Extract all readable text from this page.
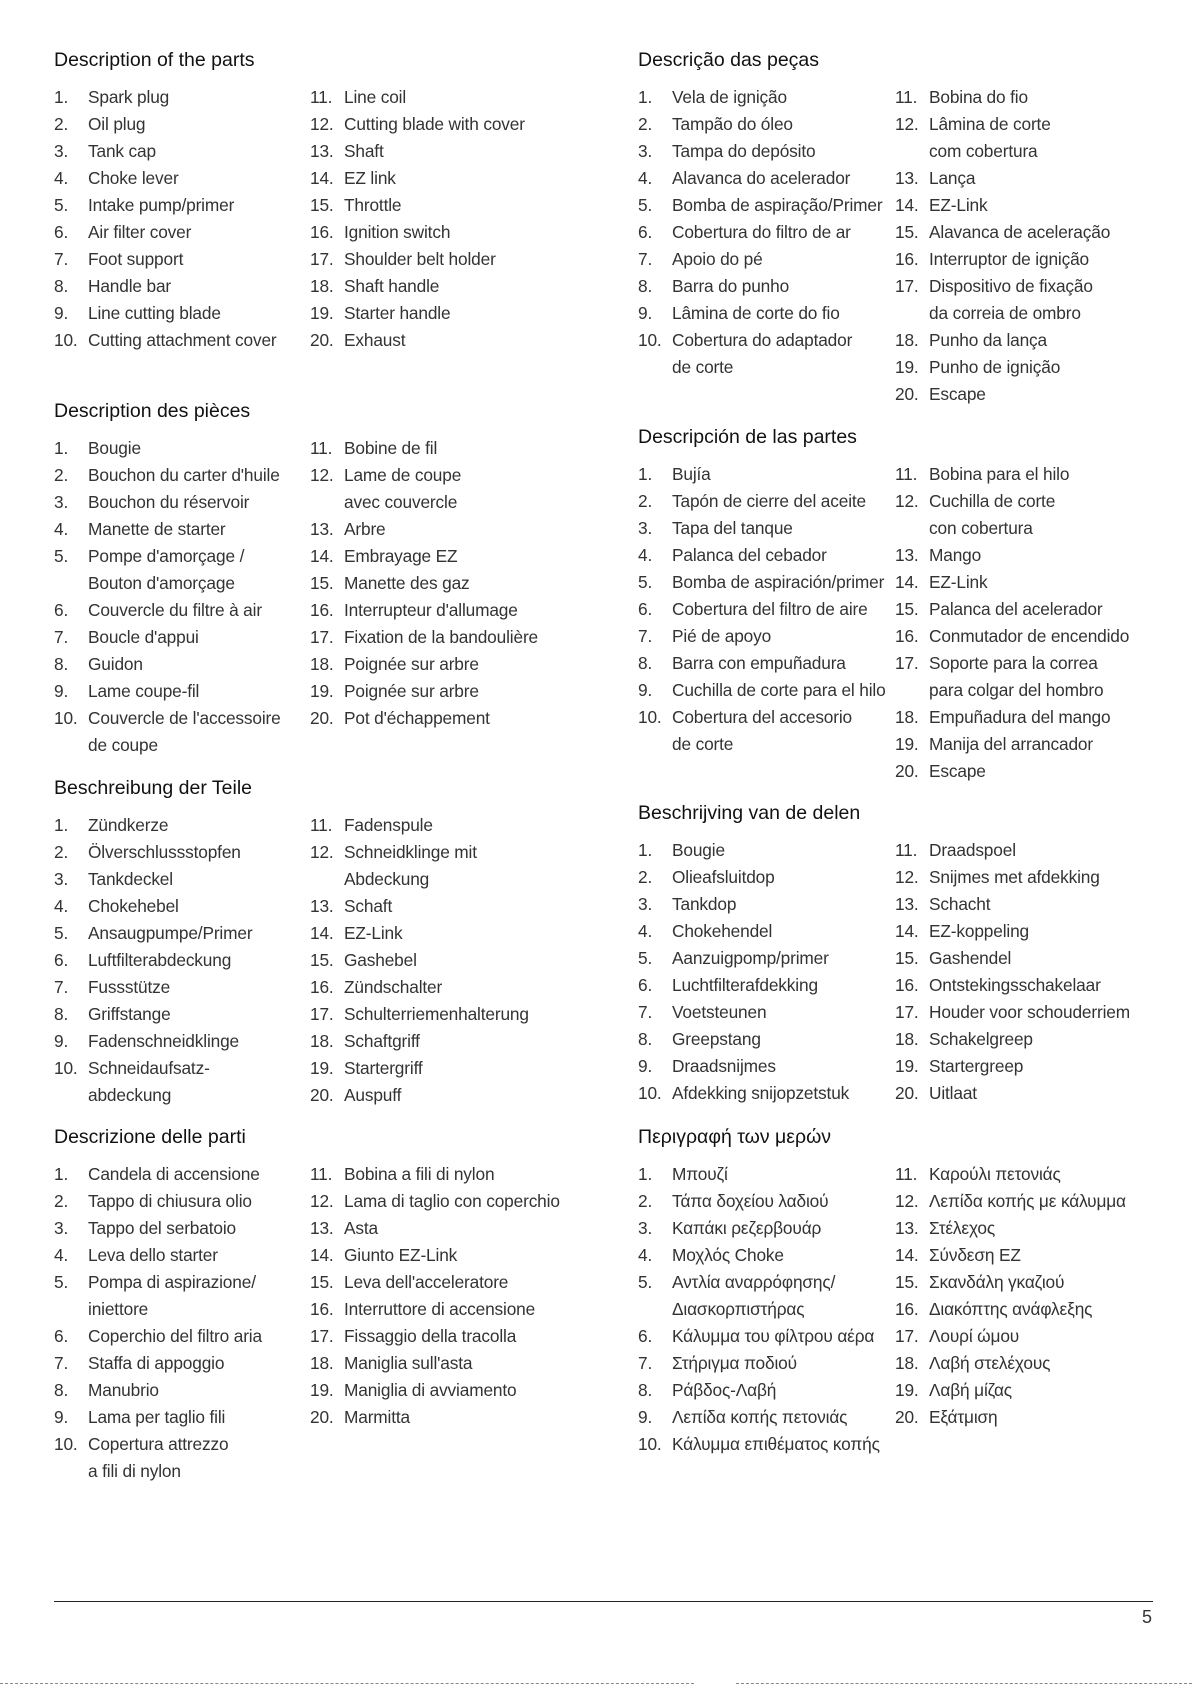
Description of the parts
1.	Spark plug
2.	Oil plug
3.	Tank cap
4.	Choke lever
5.	Intake pump/primer
6.	Air filter cover
7.	Foot support
8.	Handle bar
9.	Line cutting blade
10. Cutting attachment cover
11. Line coil
12. Cutting blade with cover
13. Shaft
14. EZ link
15. Throttle
16. Ignition switch
17. Shoulder belt holder
18. Shaft handle
19. Starter handle
20. Exhaust
Description des pièces
1.	Bougie
2.	Bouchon du carter d'huile
3.	Bouchon du réservoir
4.	Manette de starter
5.	Pompe d'amorçage /
Bouton d'amorçage
6.	Couvercle du filtre à air
7.	Boucle d'appui
8.	Guidon
9.	Lame coupe-fil
10. Couvercle de l'accessoire
de coupe
11. Bobine de fil
12. Lame de coupe
avec couvercle
13. Arbre
14. Embrayage EZ
15. Manette des gaz
16. Interrupteur d'allumage
17. Fixation de la bandoulière
18. Poignée sur arbre
19. Poignée sur arbre
20. Pot d'échappement
Beschreibung der Teile
1.	Zündkerze
2.	Ölverschlussstopfen
3.	Tankdeckel
4.	Chokehebel
5.	Ansaugpumpe/Primer
6.	Luftfilterabdeckung
7.	Fussstütze
8.	Griffstange
9.	Fadenschneidklinge
10. Schneidaufsatz-
abdeckung
11. Fadenspule
12. Schneidklinge mit
Abdeckung
13. Schaft
14. EZ-Link
15. Gashebel
16. Zündschalter
17. Schulterriemenhalterung
18. Schaftgriff
19. Startergriff
20. Auspuff
Descrizione delle parti
1.	Candela di accensione
2.	Tappo di chiusura olio
3.	Tappo del serbatoio
4.	Leva dello starter
5.	Pompa di aspirazione/
iniettore
6.	Coperchio del filtro aria
7.	Staffa di appoggio
8.	Manubrio
9.	Lama per taglio fili
10. Copertura attrezzo
a fili di nylon
11. Bobina a fili di nylon
12. Lama di taglio con coperchio
13. Asta
14. Giunto EZ-Link
15. Leva dell'acceleratore
16. Interruttore di accensione
17. Fissaggio della tracolla
18. Maniglia sull'asta
19. Maniglia di avviamento
20. Marmitta
Descrição das peças
1.	Vela de ignição
2.	Tampão do óleo
3.	Tampa do depósito
4.	Alavanca do acelerador
5.	Bomba de aspiração/Primer
6.	Cobertura do filtro de ar
7.	Apoio do pé
8.	Barra do punho
9.	Lâmina de corte do fio
10. Cobertura do adaptador
de corte
11. Bobina do fio
12. Lâmina de corte
com cobertura
13. Lança
14. EZ-Link
15. Alavanca de aceleração
16. Interruptor de ignição
17. Dispositivo de fixação
da correia de ombro
18. Punho da lança
19. Punho de ignição
20. Escape
Descripción de las partes
1.	Bujía
2.	Tapón de cierre del aceite
3.	Tapa del tanque
4.	Palanca del cebador
5.	Bomba de aspiración/primer
6.	Cobertura del filtro de aire
7.	Pié de apoyo
8.	Barra con empuñadura
9.	Cuchilla de corte para el hilo
10. Cobertura del accesorio
de corte
11. Bobina para el hilo
12. Cuchilla de corte
con cobertura
13. Mango
14. EZ-Link
15. Palanca del acelerador
16. Conmutador de encendido
17. Soporte para la correa
para colgar del hombro
18. Empuñadura del mango
19. Manija del arrancador
20. Escape
Beschrijving van de delen
1.	Bougie
2.	Olieafsluitdop
3.	Tankdop
4.	Chokehendel
5.	Aanzuigpomp/primer
6.	Luchtfilterafdekking
7.	Voetsteunen
8.	Greepstang
9.	Draadsnijmes
10. Afdekking snijopzetstuk
11. Draadspoel
12. Snijmes met afdekking
13. Schacht
14. EZ-koppeling
15. Gashendel
16. Ontstekingsschakelaar
17. Houder voor schouderriem
18. Schakelgreep
19. Startergreep
20. Uitlaat
Περιγραφή των μερών
1.	Μπουζί
2.	Τάπα δοχείου λαδιού
3.	Καπάκι ρεζερβουάρ
4.	Μοχλός Choke
5.	Αντλία αναρρόφησης/
Διασκορπιστήρας
6.	Κάλυμμα του φίλτρου αέρα
7.	Στήριγμα ποδιού
8.	Ράβδος-Λαβή
9.	Λεπίδα κοπής πετονιάς
10. Κάλυμμα επιθέματος κοπής
11. Καρούλι πετονιάς
12. Λεπίδα κοπής με κάλυμμα
13. Στέλεχος
14. Σύνδεση EZ
15. Σκανδάλη γκαζιού
16. Διακόπτης ανάφλεξης
17. Λουρί ώμου
18. Λαβή στελέχους
19. Λαβή μίζας
20. Εξάτμιση
5
